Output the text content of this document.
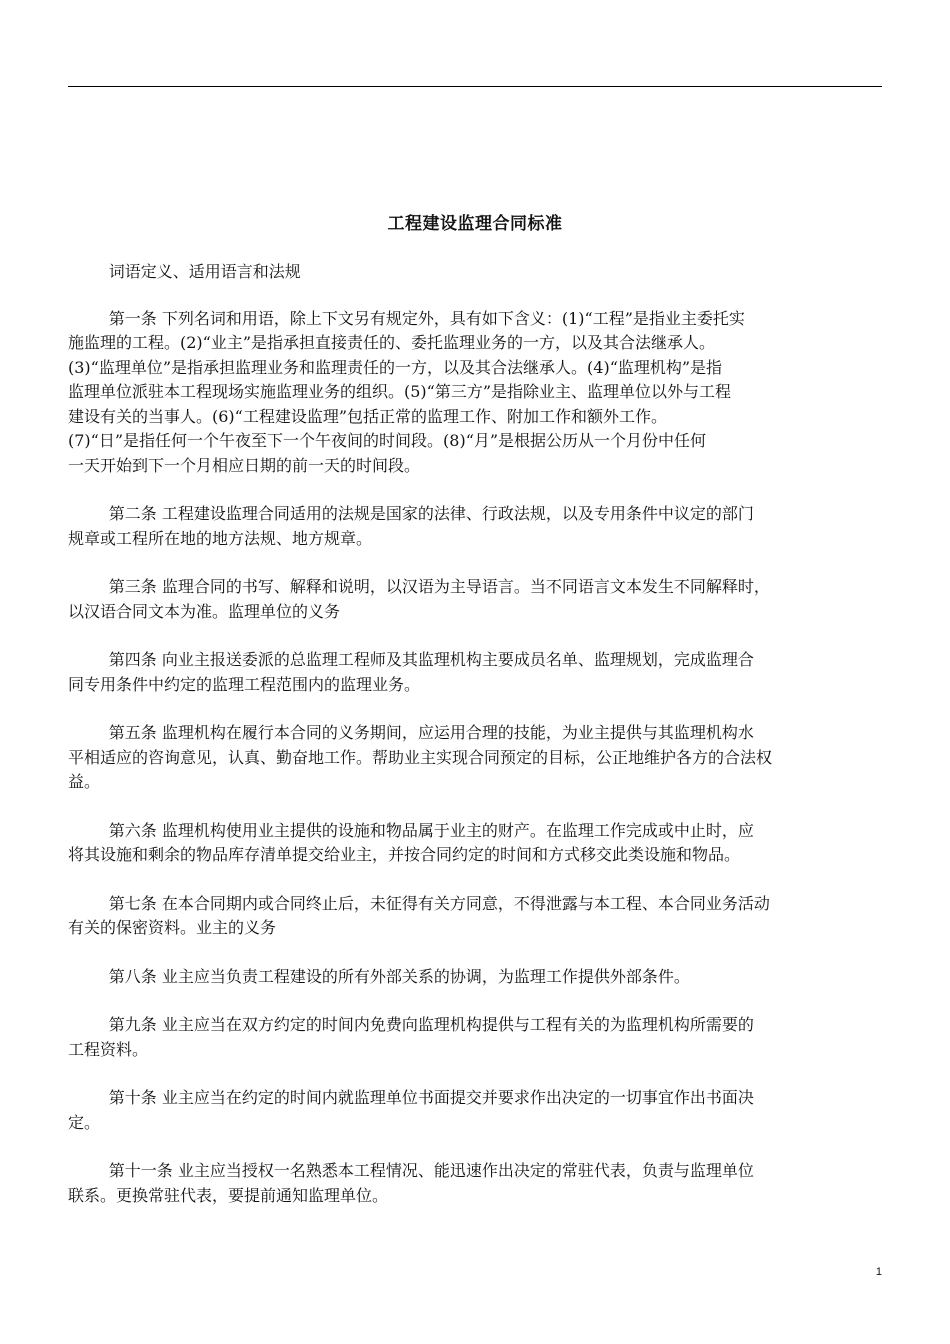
工程建设监理合同标准
词语定义、适用语言和法规
第一条 下列名词和用语，除上下文另有规定外，具有如下含义：(1)“工程”是指业主委托实
施监理的工程。(2)“业主”是指承担直接责任的、委托监理业务的一方，以及其合法继承人。
(3)“监理单位”是指承担监理业务和监理责任的一方，以及其合法继承人。(4)“监理机构”是指
监理单位派驻本工程现场实施监理业务的组织。(5)“第三方”是指除业主、监理单位以外与工程
建设有关的当事人。(6)“工程建设监理”包括正常的监理工作、附加工作和额外工作。
(7)“日”是指任何一个午夜至下一个午夜间的时间段。(8)“月”是根据公历从一个月份中任何
一天开始到下一个月相应日期的前一天的时间段。
第二条 工程建设监理合同适用的法规是国家的法律、行政法规，以及专用条件中议定的部门
规章或工程所在地的地方法规、地方规章。
第三条 监理合同的书写、解释和说明，以汉语为主导语言。当不同语言文本发生不同解释时，
以汉语合同文本为准。监理单位的义务
第四条 向业主报送委派的总监理工程师及其监理机构主要成员名单、监理规划，完成监理合
同专用条件中约定的监理工程范围内的监理业务。
第五条 监理机构在履行本合同的义务期间，应运用合理的技能，为业主提供与其监理机构水
平相适应的咨询意见，认真、勤奋地工作。帮助业主实现合同预定的目标，公正地维护各方的合法权
益。
第六条 监理机构使用业主提供的设施和物品属于业主的财产。在监理工作完成或中止时，应
将其设施和剩余的物品库存清单提交给业主，并按合同约定的时间和方式移交此类设施和物品。
第七条 在本合同期内或合同终止后，未征得有关方同意，不得泄露与本工程、本合同业务活动
有关的保密资料。业主的义务
第八条 业主应当负责工程建设的所有外部关系的协调，为监理工作提供外部条件。
第九条 业主应当在双方约定的时间内免费向监理机构提供与工程有关的为监理机构所需要的
工程资料。
第十条 业主应当在约定的时间内就监理单位书面提交并要求作出决定的一切事宜作出书面决
定。
第十一条 业主应当授权一名熟悉本工程情况、能迅速作出决定的常驻代表，负责与监理单位
联系。更换常驻代表，要提前通知监理单位。
1
